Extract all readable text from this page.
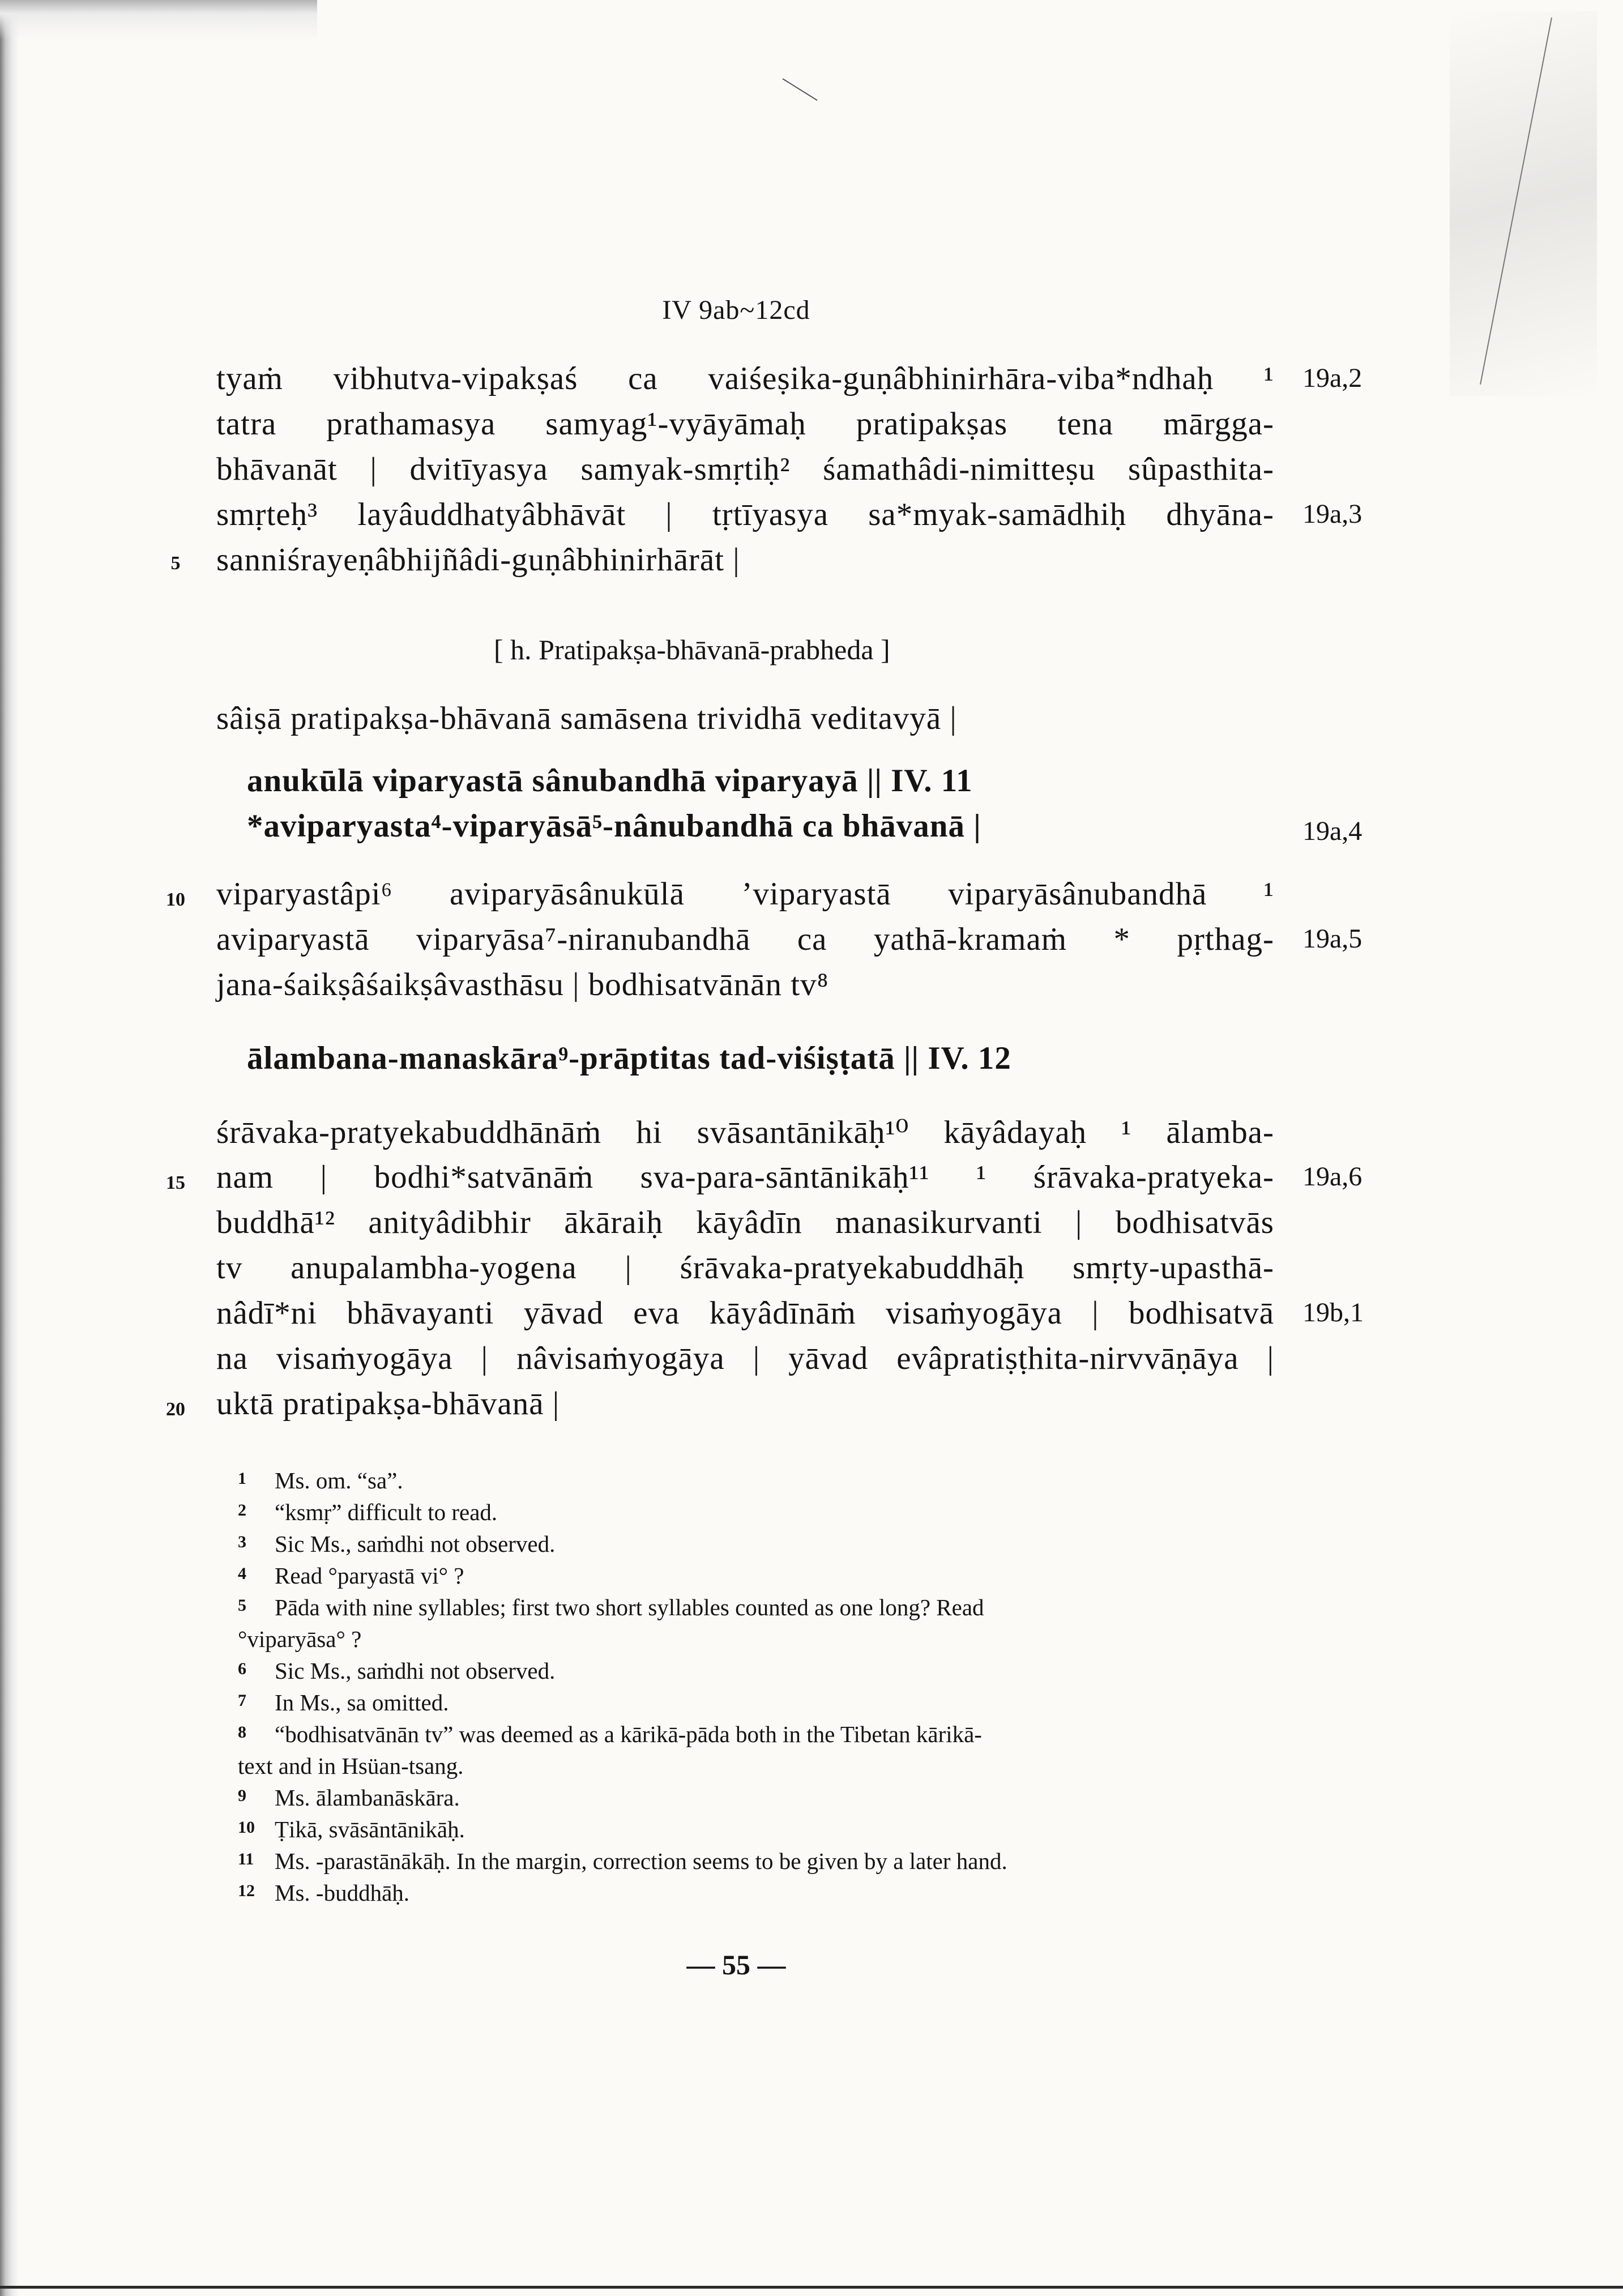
IV 9ab~12cd
tyaṁ vibhutva-vipakṣaś ca vaiśeṣika-guṇâbhinirhāra-viba*ndhaḥ ¹
tatra prathamasya samyag¹-vyāyāmaḥ pratipakṣas tena mārgga-
bhāvanāt | dvitīyasya samyak-smṛtiḥ² śamathâdi-nimitteṣu sûpasthita-
smṛteḥ³ layâuddhatyâbhāvāt | tṛtīyasya sa*myak-samādhiḥ dhyāna-
sanniśrayeṇâbhijñâdi-guṇâbhinirhārāt |
[ h. Pratipakṣa-bhāvanā-prabheda ]
sâiṣā pratipakṣa-bhāvanā samāsena trividhā veditavyā |
anukūlā viparyastā sânubandhā viparyayā || IV. 11
*aviparyasta⁴-viparyāsā⁵-nânubandhā ca bhāvanā |
viparyastâpi⁶ aviparyāsânukūlā ’viparyastā viparyāsânubandhā ¹
aviparyastā viparyāsa⁷-niranubandhā ca yathā-kramaṁ * pṛthag-
jana-śaikṣâśaikṣâvasthāsu | bodhisatvānān tv⁸
ālambana-manaskāra⁹-prāptitas tad-viśiṣṭatā || IV. 12
śrāvaka-pratyekabuddhānāṁ hi svāsantānikāḥ¹⁰ kāyâdayaḥ ¹ ālamba-
nam | bodhi*satvānāṁ sva-para-sāntānikāḥ¹¹ ¹ śrāvaka-pratyeka-
buddhā¹² anityâdibhir ākāraiḥ kāyâdīn manasikurvanti | bodhisatvās
tv anupalambha-yogena | śrāvaka-pratyekabuddhāḥ smṛty-upasthā-
nâdī*ni bhāvayanti yāvad eva kāyâdīnāṁ visaṁyogāya | bodhisatvā
na visaṁyogāya | nâvisaṁyogāya | yāvad evâpratiṣṭhita-nirvvāṇāya |
uktā pratipakṣa-bhāvanā |
19a,2
19a,3
19a,4
19a,5
19a,6
19b,1
5
10
15
20
1	Ms. om. “sa”.
2	“ksmṛ” difficult to read.
3	Sic Ms., saṁdhi not observed.
4	Read °paryastā vi° ?
5	Pāda with nine syllables; first two short syllables counted as one long? Read
°viparyāsa° ?
6	Sic Ms., saṁdhi not observed.
7	In Ms., sa omitted.
8	“bodhisatvānān tv” was deemed as a kārikā-pāda both in the Tibetan kārikā-
text and in Hsüan-tsang.
9	Ms. ālambanāskāra.
10 Ṭikā, svāsāntānikāḥ.
11 Ms. -parastānākāḥ. In the margin, correction seems to be given by a later hand.
12 Ms. -buddhāḥ.
— 55 —
